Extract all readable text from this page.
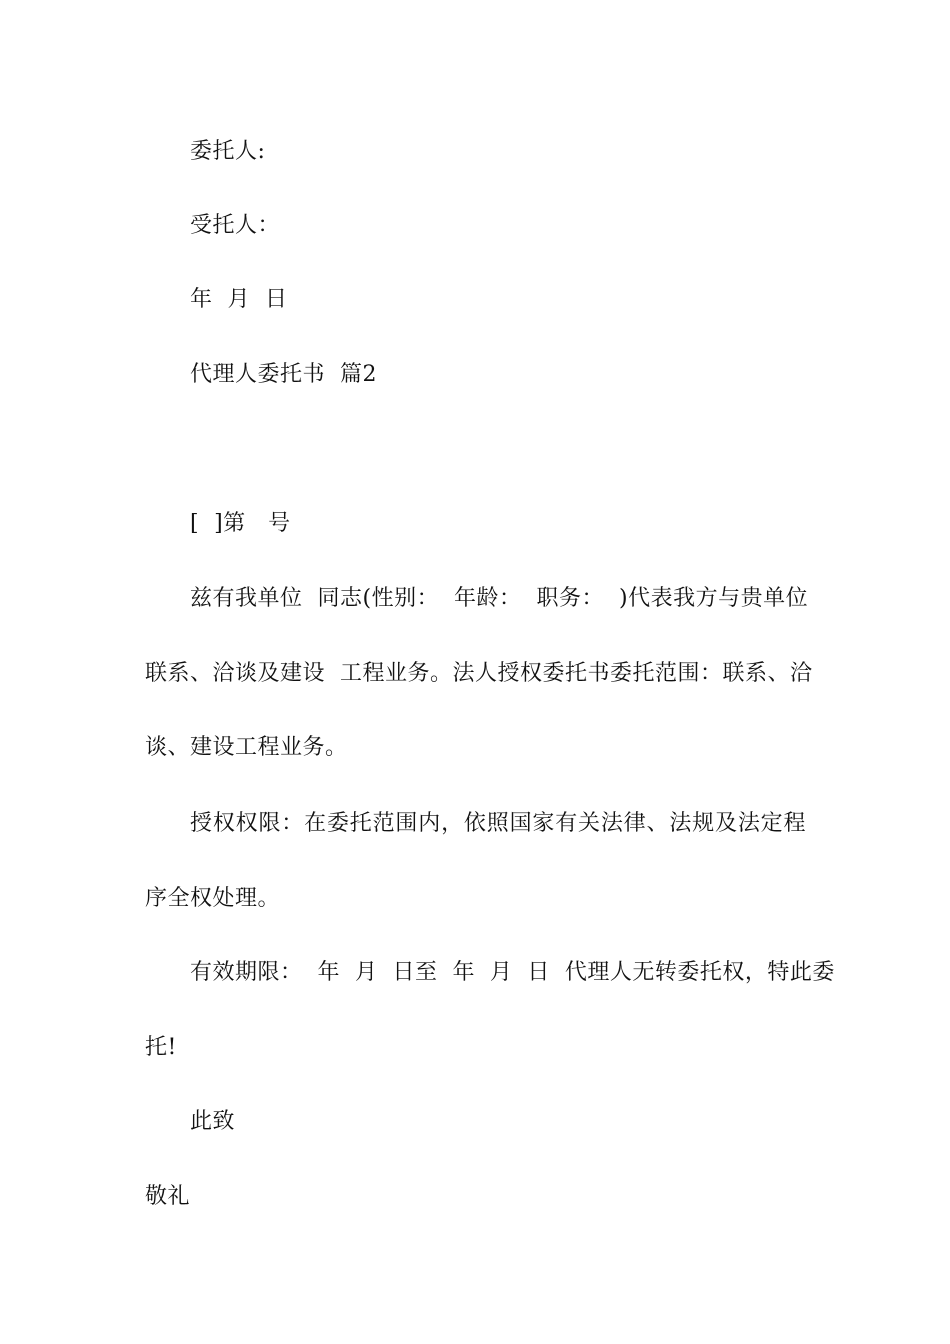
委托人:
受托人：
年  月  日
代理人委托书  篇2
[  ]第   号
兹有我单位  同志(性别：  年龄：  职务：  )代表我方与贵单位
联系、洽谈及建设  工程业务。法人授权委托书委托范围：联系、洽
谈、建设工程业务。
授权权限：在委托范围内，依照国家有关法律、法规及法定程
序全权处理。
有效期限：  年  月  日至  年  月  日  代理人无转委托权，特此委
托!
此致
敬礼
